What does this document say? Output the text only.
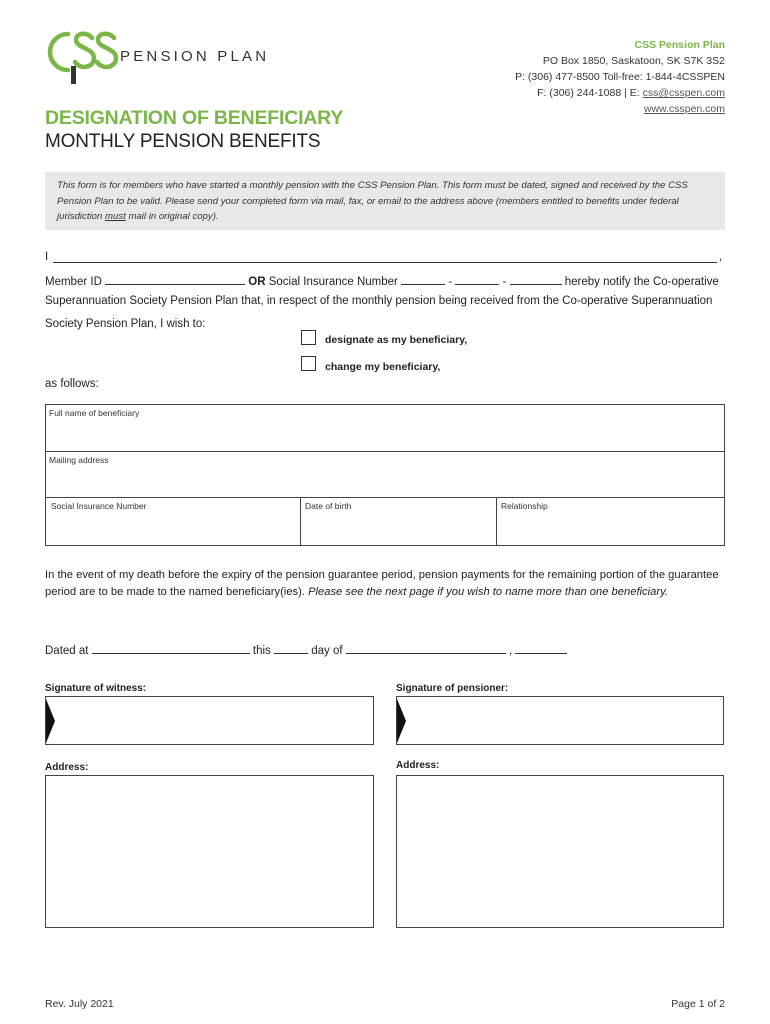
PENSION PLAN
CSS Pension Plan
PO Box 1850, Saskatoon, SK S7K 3S2
P: (306) 477-8500 Toll-free: 1-844-4CSSPEN
F: (306) 244-1088 | E: css@csspen.com
www.csspen.com
DESIGNATION OF BENEFICIARY
MONTHLY PENSION BENEFITS
This form is for members who have started a monthly pension with the CSS Pension Plan. This form must be dated, signed and received by the CSS Pension Plan to be valid. Please send your completed form via mail, fax, or email to the address above (members entitled to benefits under federal jurisdiction must mail in original copy).
I	,
Member ID	OR Social Insurance Number	-	-	hereby notify the Co-operative
Superannuation Society Pension Plan that, in respect of the monthly pension being received from the Co-operative Superannuation
Society Pension Plan, I wish to:
designate as my beneficiary,
change my beneficiary,
as follows:
Full name of beneficiary
Mailing address
Social Insurance Number	Date of birth	Relationship
In the event of my death before the expiry of the pension guarantee period, pension payments for the remaining portion of the guarantee period are to be made to the named beneficiary(ies). Please see the next page if you wish to name more than one beneficiary.
Dated at	this	day of	,
Signature of witness:	Signature of pensioner:
Address:	Address:
Rev. July 2021	Page 1 of 2
